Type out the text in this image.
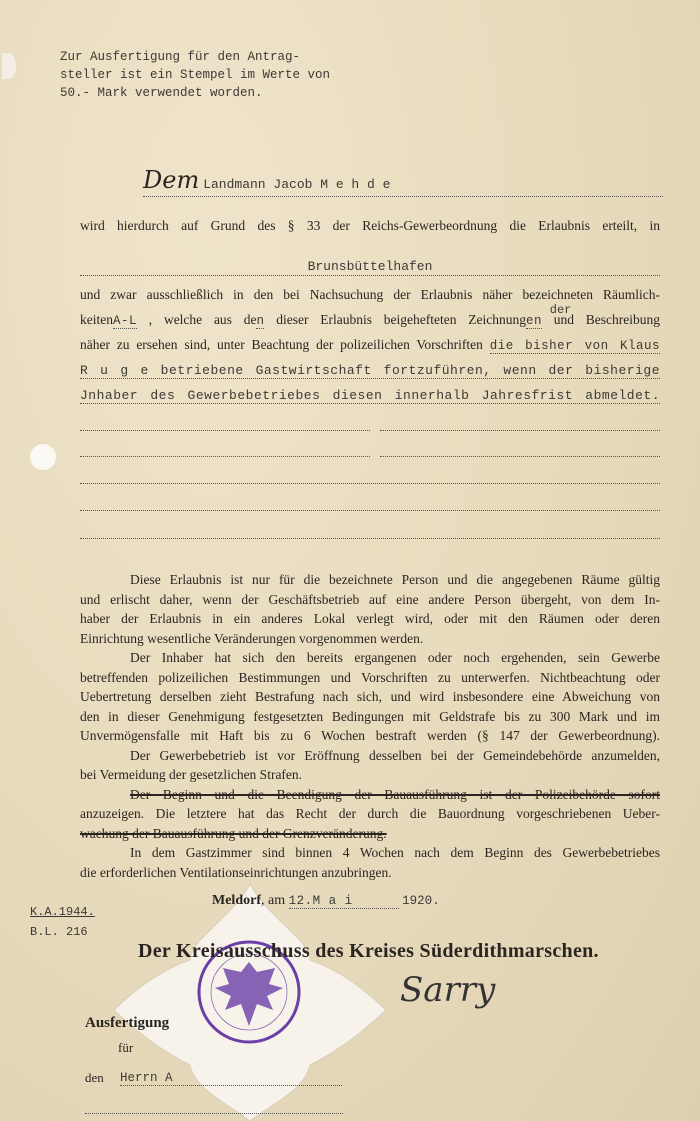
Zur Ausfertigung für den Antrag-
steller ist ein Stempel im Werte von
50.- Mark verwendet worden.
Dem Landmann Jacob M e h d e
wird hierdurch auf Grund des § 33 der Reichs-Gewerbeordnung die Erlaubnis erteilt, in
Brunsbüttelhafen
und zwar ausschließlich in den bei Nachsuchung der Erlaubnis näher bezeichneten Räumlich-
keitenA-L , welche aus den dieser Erlaubnis beigehefteten Zeichnungen
der
und Beschreibung
näher zu ersehen sind, unter Beachtung der polizeilichen Vorschriften die bisher von Klaus
R u g e betriebene Gastwirtschaft fortzuführen, wenn der bisherige
Jnhaber des Gewerbebetriebes diesen innerhalb Jahresfrist abmeldet.
Diese Erlaubnis ist nur für die bezeichnete Person und die angegebenen Räume gültig
und erlischt daher, wenn der Geschäftsbetrieb auf eine andere Person übergeht, von dem In-
haber der Erlaubnis in ein anderes Lokal verlegt wird, oder mit den Räumen oder deren
Einrichtung wesentliche Veränderungen vorgenommen werden.
Der Inhaber hat sich den bereits ergangenen oder noch ergehenden, sein Gewerbe
betreffenden polizeilichen Bestimmungen und Vorschriften zu unterwerfen. Nichtbeachtung oder
Uebertretung derselben zieht Bestrafung nach sich, und wird insbesondere eine Abweichung von
den in dieser Genehmigung festgesetzten Bedingungen mit Geldstrafe bis zu 300 Mark und im
Unvermögensfalle mit Haft bis zu 6 Wochen bestraft werden (§ 147 der Gewerbeordnung).
Der Gewerbebetrieb ist vor Eröffnung desselben bei der Gemeindebehörde anzumelden,
bei Vermeidung der gesetzlichen Strafen.
Der Beginn und die Beendigung der Bauausführung ist der Polizeibehörde sofort
anzuzeigen. Die letztere hat das Recht der durch die Bauordnung vorgeschriebenen Ueber-
wachung der Bauausführung und der Grenzveränderung.
In dem Gastzimmer sind binnen 4 Wochen nach dem Beginn des Gewerbebetriebes
die erforderlichen Ventilationseinrichtungen anzubringen.
Meldorf, am 12.M a i	1920.
K.A.1944.
B.L. 216
Der Kreisausschuss des Kreises Süderdithmarschen.
Sarry
Ausfertigung
für
den Herrn A
